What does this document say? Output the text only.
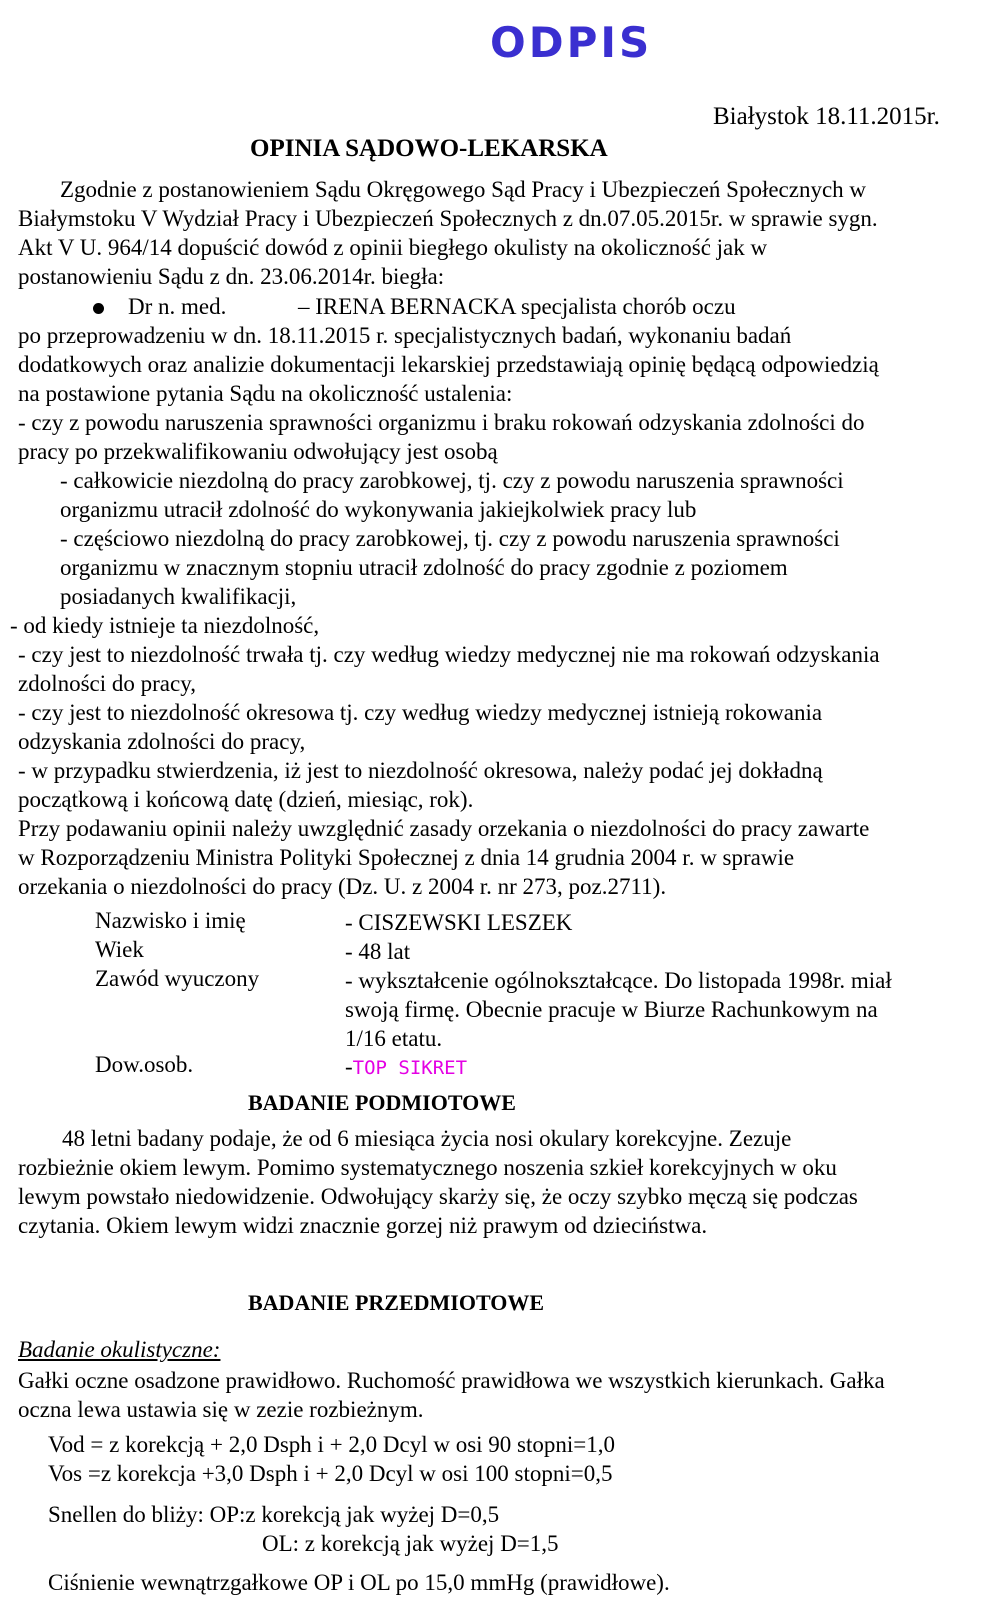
ODPIS
Białystok 18.11.2015r.
OPINIA SĄDOWO-LEKARSKA
Zgodnie z postanowieniem Sądu Okręgowego Sąd Pracy i Ubezpieczeń Społecznych w
Białymstoku V Wydział Pracy i Ubezpieczeń Społecznych z dn.07.05.2015r. w sprawie sygn.
Akt V U. 964/14 dopuścić dowód z opinii biegłego okulisty na okoliczność jak w
postanowieniu Sądu z dn. 23.06.2014r. biegła:
Dr n. med.	– IRENA BERNACKA specjalista chorób oczu
po przeprowadzeniu w dn. 18.11.2015 r. specjalistycznych badań, wykonaniu badań
dodatkowych oraz analizie dokumentacji lekarskiej przedstawiają opinię będącą odpowiedzią
na postawione pytania Sądu na okoliczność ustalenia:
- czy z powodu naruszenia sprawności organizmu i braku rokowań odzyskania zdolności do
pracy po przekwalifikowaniu odwołujący jest osobą
- całkowicie niezdolną do pracy zarobkowej, tj. czy z powodu naruszenia sprawności
organizmu utracił zdolność do wykonywania jakiejkolwiek pracy lub
- częściowo niezdolną do pracy zarobkowej, tj. czy z powodu naruszenia sprawności
organizmu w znacznym stopniu utracił zdolność do pracy zgodnie z poziomem
posiadanych kwalifikacji,
- od kiedy istnieje ta niezdolność,
- czy jest to niezdolność trwała tj. czy według wiedzy medycznej nie ma rokowań odzyskania
zdolności do pracy,
- czy jest to niezdolność okresowa tj. czy według wiedzy medycznej istnieją rokowania
odzyskania zdolności do pracy,
- w przypadku stwierdzenia, iż jest to niezdolność okresowa, należy podać jej dokładną
początkową i końcową datę (dzień, miesiąc, rok).
Przy podawaniu opinii należy uwzględnić zasady orzekania o niezdolności do pracy zawarte
w Rozporządzeniu Ministra Polityki Społecznej z dnia 14 grudnia 2004 r. w sprawie
orzekania o niezdolności do pracy (Dz. U. z 2004 r. nr 273, poz.2711).
Nazwisko i imię	- CISZEWSKI LESZEK
Wiek	- 48 lat
Zawód wyuczony	- wykształcenie ogólnokształcące. Do listopada 1998r. miał
swoją firmę. Obecnie pracuje w Biurze Rachunkowym na
1/16 etatu.
Dow.osob.	-TOP SIKRET
BADANIE PODMIOTOWE
48 letni badany podaje, że od 6 miesiąca życia nosi okulary korekcyjne. Zezuje
rozbieżnie okiem lewym. Pomimo systematycznego noszenia szkieł korekcyjnych w oku
lewym powstało niedowidzenie. Odwołujący skarży się, że oczy szybko męczą się podczas
czytania. Okiem lewym widzi znacznie gorzej niż prawym od dzieciństwa.
BADANIE PRZEDMIOTOWE
Badanie okulistyczne:
Gałki oczne osadzone prawidłowo. Ruchomość prawidłowa we wszystkich kierunkach. Gałka
oczna lewa ustawia się w zezie rozbieżnym.
Vod = z korekcją + 2,0 Dsph i + 2,0 Dcyl w osi 90 stopni=1,0
Vos =z korekcja +3,0 Dsph i + 2,0 Dcyl w osi 100 stopni=0,5
Snellen do bliży: OP:z korekcją jak wyżej D=0,5
OL: z korekcją jak wyżej D=1,5
Ciśnienie wewnątrzgałkowe OP i OL po 15,0 mmHg (prawidłowe).
